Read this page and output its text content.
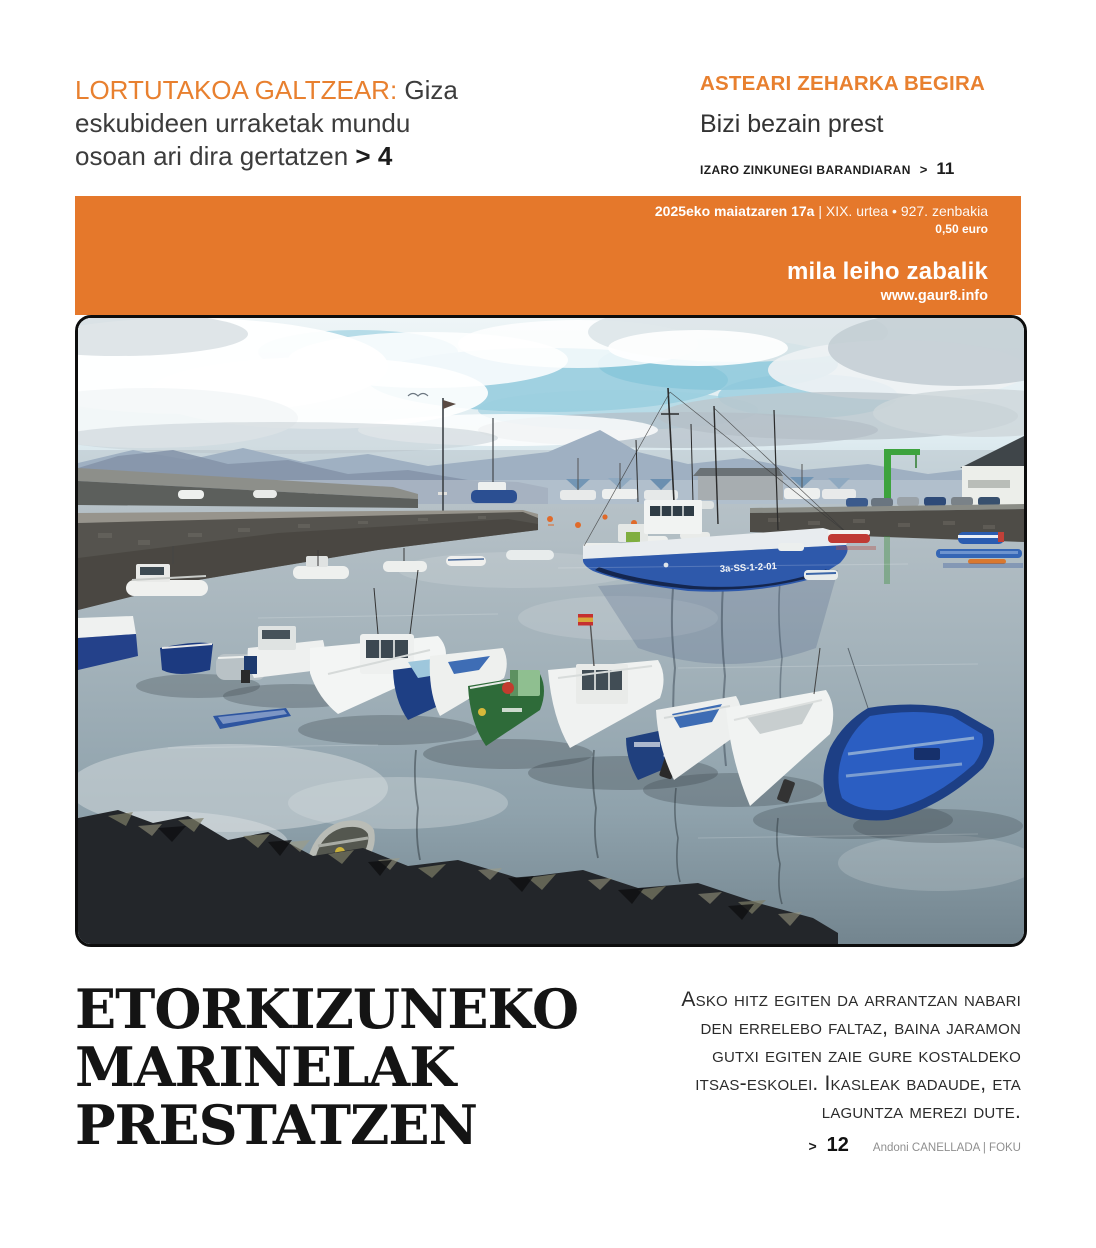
LORTUTAKOA GALTZEAR: Giza eskubideen urraketak mundu osoan ari dira gertatzen > 4
ASTEARI ZEHARKA BEGIRA
Bizi bezain prest
IZARO ZINKUNEGI BARANDIARAN > 11
2025eko maiatzaren 17a | XIX. urtea • 927. zenbakia
0,50 euro
mila leiho zabalik
www.gaur8.info
3a-SS-1-2-01
ETORKIZUNEKO
MARINELAK
PRESTATZEN
Asko hitz egiten da arrantzan nabari den errelebo faltaz, baina jaramon gutxi egiten zaie gure kostaldeko itsas-eskolei. Ikasleak badaude, eta laguntza merezi dute.
> 12 Andoni CANELLADA | FOKU
